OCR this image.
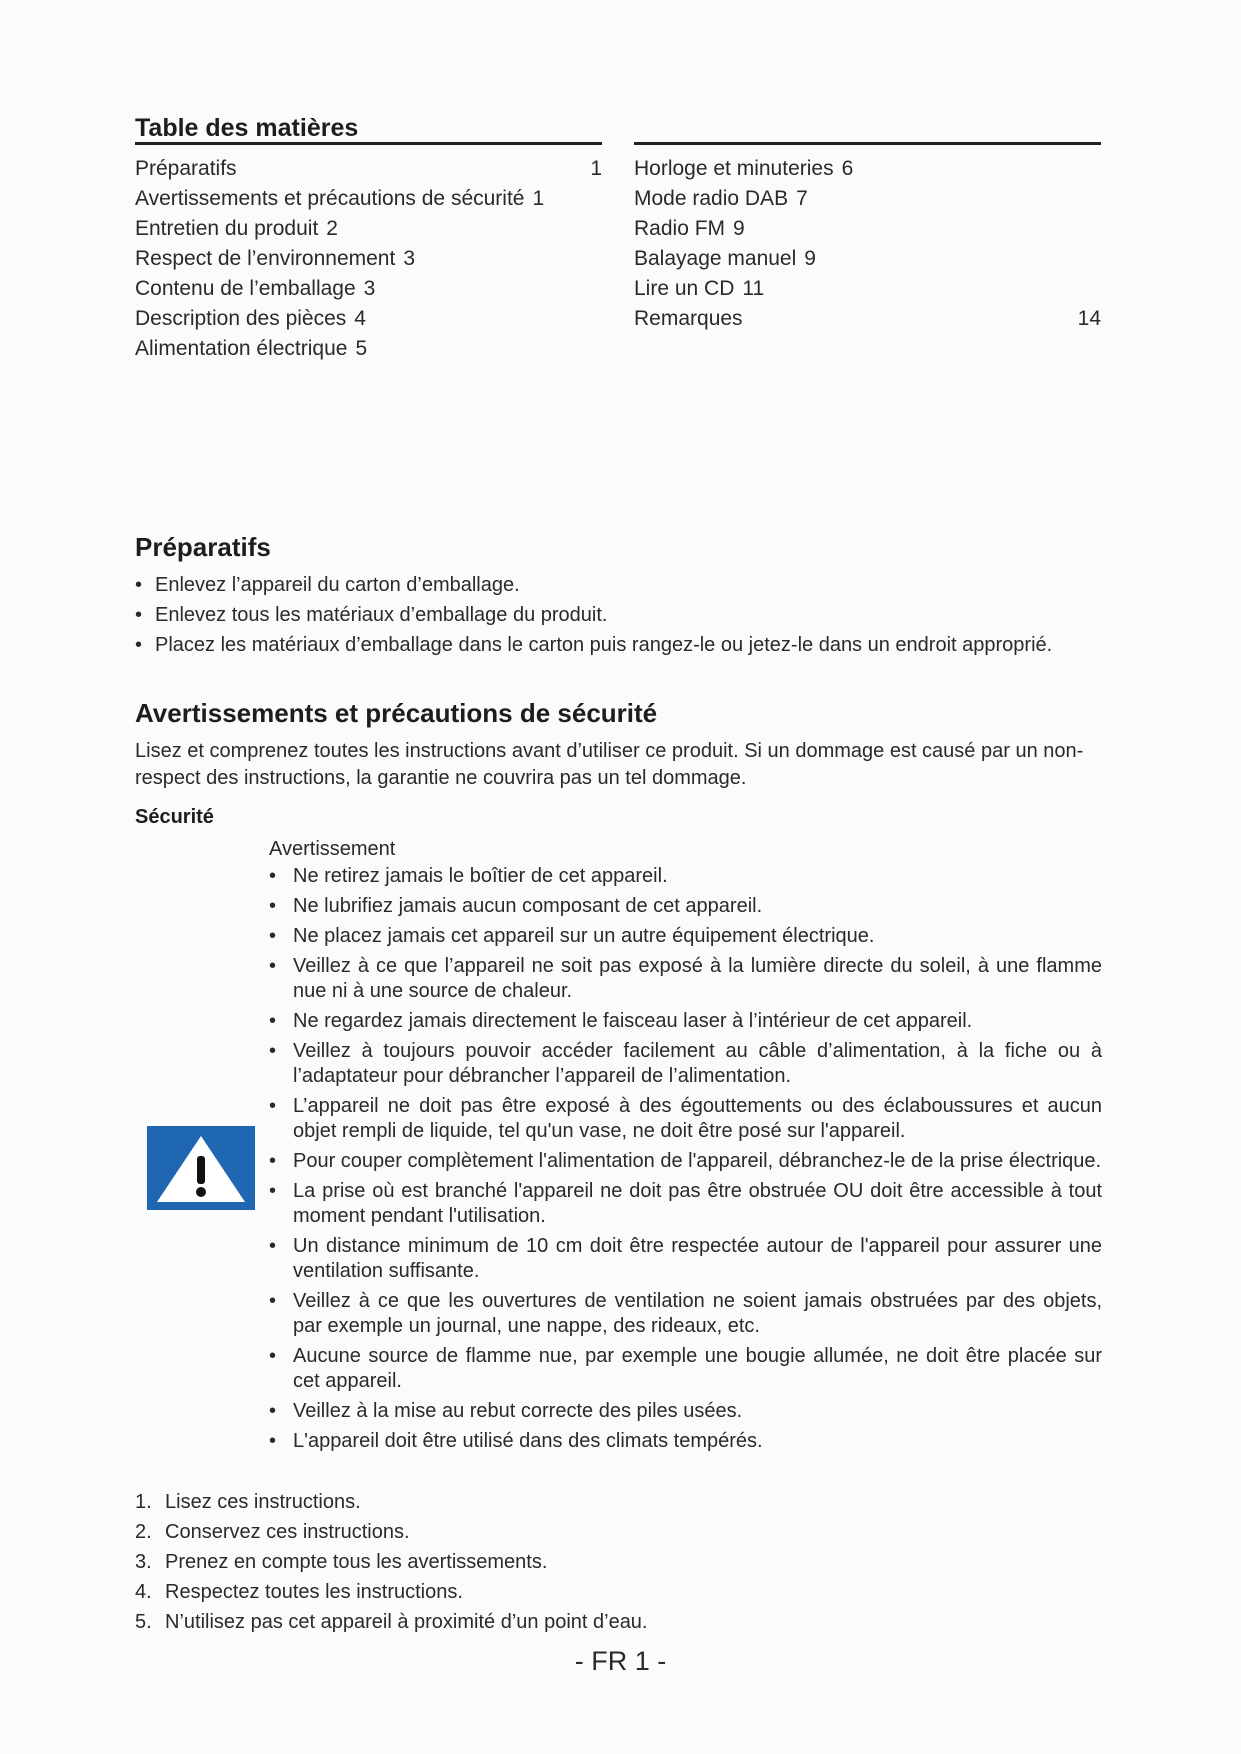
Table des matières
Préparatifs	1
Avertissements et précautions de sécurité 1
Entretien du produit 2
Respect de l’environnement 3
Contenu de l’emballage 3
Description des pièces 4
Alimentation électrique 5
Horloge et minuteries 6
Mode radio DAB 7
Radio FM 9
Balayage manuel 9
Lire un CD 11
Remarques	14
Préparatifs
• Enlevez l’appareil du carton d’emballage.
• Enlevez tous les matériaux d’emballage du produit.
• Placez les matériaux d’emballage dans le carton puis rangez-le ou jetez-le dans un endroit approprié.
Avertissements et précautions de sécurité
Lisez et comprenez toutes les instructions avant d’utiliser ce produit. Si un dommage est causé par un non-respect des instructions, la garantie ne couvrira pas un tel dommage.
Sécurité
Avertissement
• Ne retirez jamais le boîtier de cet appareil.
• Ne lubrifiez jamais aucun composant de cet appareil.
• Ne placez jamais cet appareil sur un autre équipement électrique.
• Veillez à ce que l’appareil ne soit pas exposé à la lumière directe du soleil, à une flamme nue ni à une source de chaleur.
• Ne regardez jamais directement le faisceau laser à l’intérieur de cet appareil.
• Veillez à toujours pouvoir accéder facilement au câble d’alimentation, à la fiche ou à l’adaptateur pour débrancher l’appareil de l’alimentation.
• L’appareil ne doit pas être exposé à des égouttements ou des éclaboussures et aucun objet rempli de liquide, tel qu'un vase, ne doit être posé sur l'appareil.
• Pour couper complètement l'alimentation de l'appareil, débranchez-le de la prise électrique.
• La prise où est branché l'appareil ne doit pas être obstruée OU doit être accessible à tout moment pendant l'utilisation.
• Un distance minimum de 10 cm doit être respectée autour de l'appareil pour assurer une ventilation suffisante.
• Veillez à ce que les ouvertures de ventilation ne soient jamais obstruées par des objets, par exemple un journal, une nappe, des rideaux, etc.
• Aucune source de flamme nue, par exemple une bougie allumée, ne doit être placée sur cet appareil.
• Veillez à la mise au rebut correcte des piles usées.
• L'appareil doit être utilisé dans des climats tempérés.
1. Lisez ces instructions.
2. Conservez ces instructions.
3. Prenez en compte tous les avertissements.
4. Respectez toutes les instructions.
5. N’utilisez pas cet appareil à proximité d’un point d’eau.
- FR 1 -
